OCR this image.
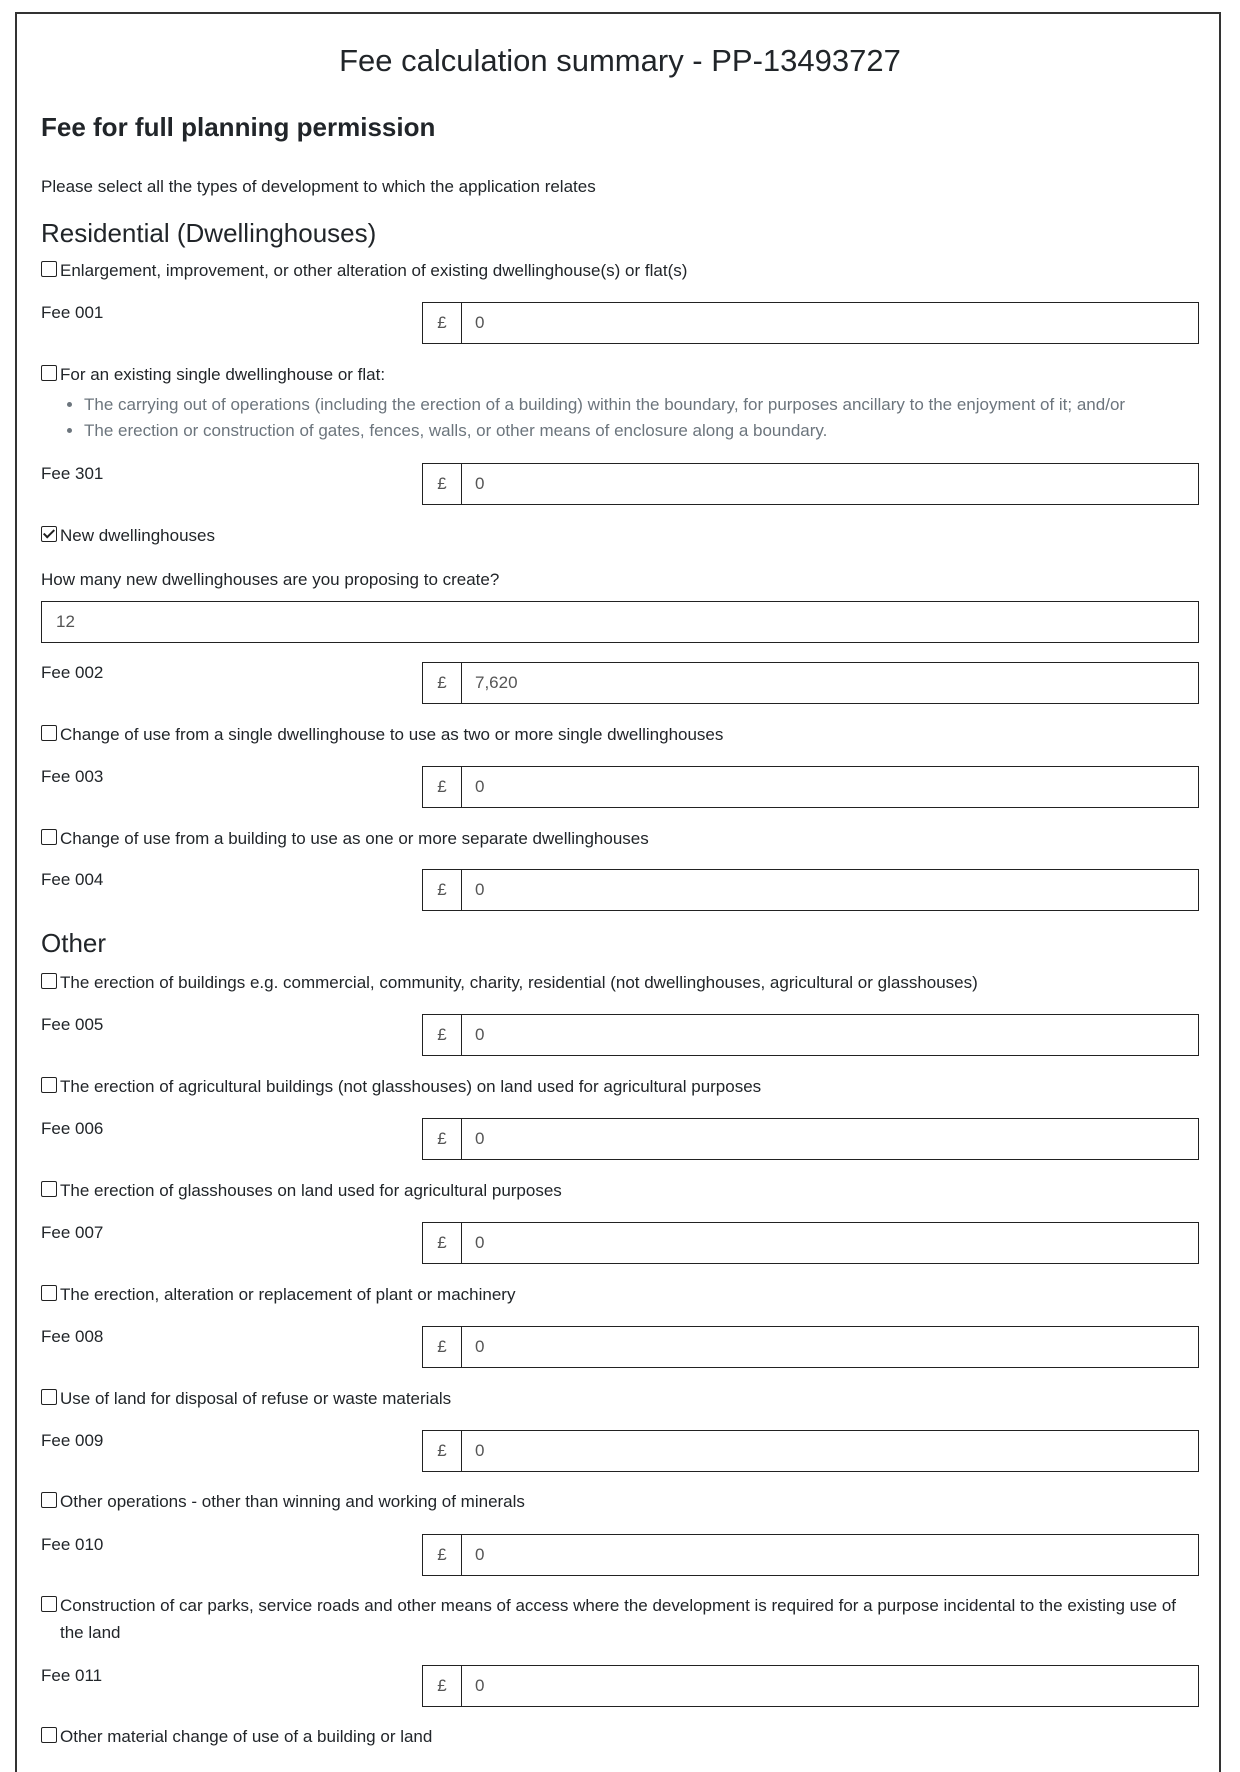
Fee calculation summary - PP-13493727
Fee for full planning permission
Please select all the types of development to which the application relates
Residential (Dwellinghouses)
Enlargement, improvement, or other alteration of existing dwellinghouse(s) or flat(s)
Fee 001
£	0
For an existing single dwellinghouse or flat:
• The carrying out of operations (including the erection of a building) within the boundary, for purposes ancillary to the enjoyment of it; and/or
• The erection or construction of gates, fences, walls, or other means of enclosure along a boundary.
Fee 301
£	0
New dwellinghouses
How many new dwellinghouses are you proposing to create?
12
Fee 002
£	7,620
Change of use from a single dwellinghouse to use as two or more single dwellinghouses
Fee 003
£	0
Change of use from a building to use as one or more separate dwellinghouses
Fee 004
£	0
Other
The erection of buildings e.g. commercial, community, charity, residential (not dwellinghouses, agricultural or glasshouses)
Fee 005
£	0
The erection of agricultural buildings (not glasshouses) on land used for agricultural purposes
Fee 006
£	0
The erection of glasshouses on land used for agricultural purposes
Fee 007
£	0
The erection, alteration or replacement of plant or machinery
Fee 008
£	0
Use of land for disposal of refuse or waste materials
Fee 009
£	0
Other operations - other than winning and working of minerals
Fee 010
£	0
Construction of car parks, service roads and other means of access where the development is required for a purpose incidental to the existing use of the land
Fee 011
£	0
Other material change of use of a building or land
